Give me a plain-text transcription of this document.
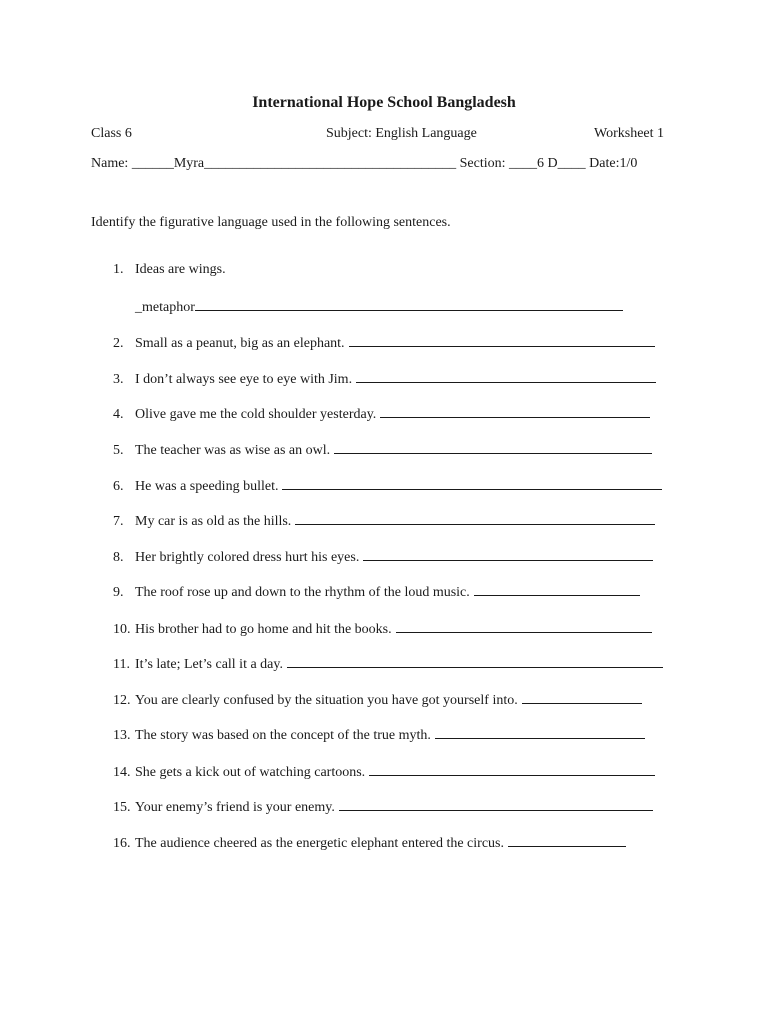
International Hope School Bangladesh
Class 6	Subject: English Language	Worksheet 1
Name: ______Myra____________________________________ Section: ____6 D____ Date:1/0
Identify the figurative language used in the following sentences.
1. Ideas are wings.
_metaphor
2. Small as a peanut, big as an elephant.
3. I don’t always see eye to eye with Jim.
4. Olive gave me the cold shoulder yesterday.
5. The teacher was as wise as an owl.
6. He was a speeding bullet.
7. My car is as old as the hills.
8. Her brightly colored dress hurt his eyes.
9. The roof rose up and down to the rhythm of the loud music.
10. His brother had to go home and hit the books.
11. It’s late; Let’s call it a day.
12. You are clearly confused by the situation you have got yourself into.
13. The story was based on the concept of the true myth.
14. She gets a kick out of watching cartoons.
15. Your enemy’s friend is your enemy.
16. The audience cheered as the energetic elephant entered the circus.
